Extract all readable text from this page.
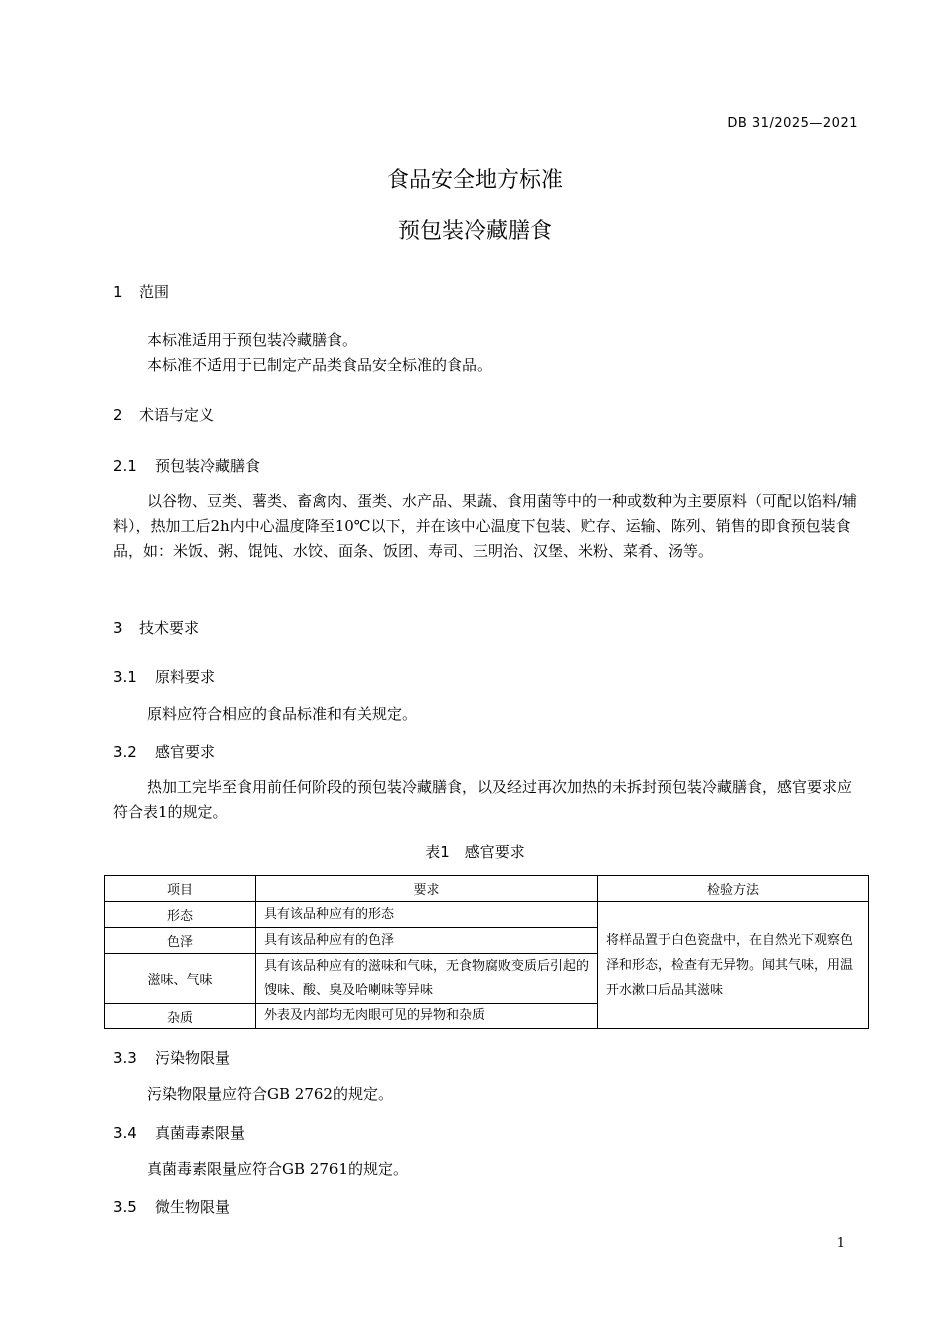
DB 31/2025—2021
食品安全地方标准
预包装冷藏膳食
1 范围
本标准适用于预包装冷藏膳食。
本标准不适用于已制定产品类食品安全标准的食品。
2 术语与定义
2.1 预包装冷藏膳食
以谷物、豆类、薯类、畜禽肉、蛋类、水产品、果蔬、食用菌等中的一种或数种为主要原料（可配以馅料/辅料），热加工后2h内中心温度降至10℃以下，并在该中心温度下包装、贮存、运输、陈列、销售的即食预包装食品，如：米饭、粥、馄饨、水饺、面条、饭团、寿司、三明治、汉堡、米粉、菜肴、汤等。
3 技术要求
3.1 原料要求
原料应符合相应的食品标准和有关规定。
3.2 感官要求
热加工完毕至食用前任何阶段的预包装冷藏膳食，以及经过再次加热的未拆封预包装冷藏膳食，感官要求应符合表1的规定。
表1　感官要求
项目	要求	检验方法
形态	具有该品种应有的形态	将样品置于白色瓷盘中，在自然光下观察色泽和形态，检查有无异物。闻其气味，用温开水漱口后品其滋味
色泽	具有该品种应有的色泽	
滋味、气味	具有该品种应有的滋味和气味，无食物腐败变质后引起的馊味、酸、臭及哈喇味等异味	
杂质	外表及内部均无肉眼可见的异物和杂质	
3.3 污染物限量
污染物限量应符合GB 2762的规定。
3.4 真菌毒素限量
真菌毒素限量应符合GB 2761的规定。
3.5 微生物限量
1
